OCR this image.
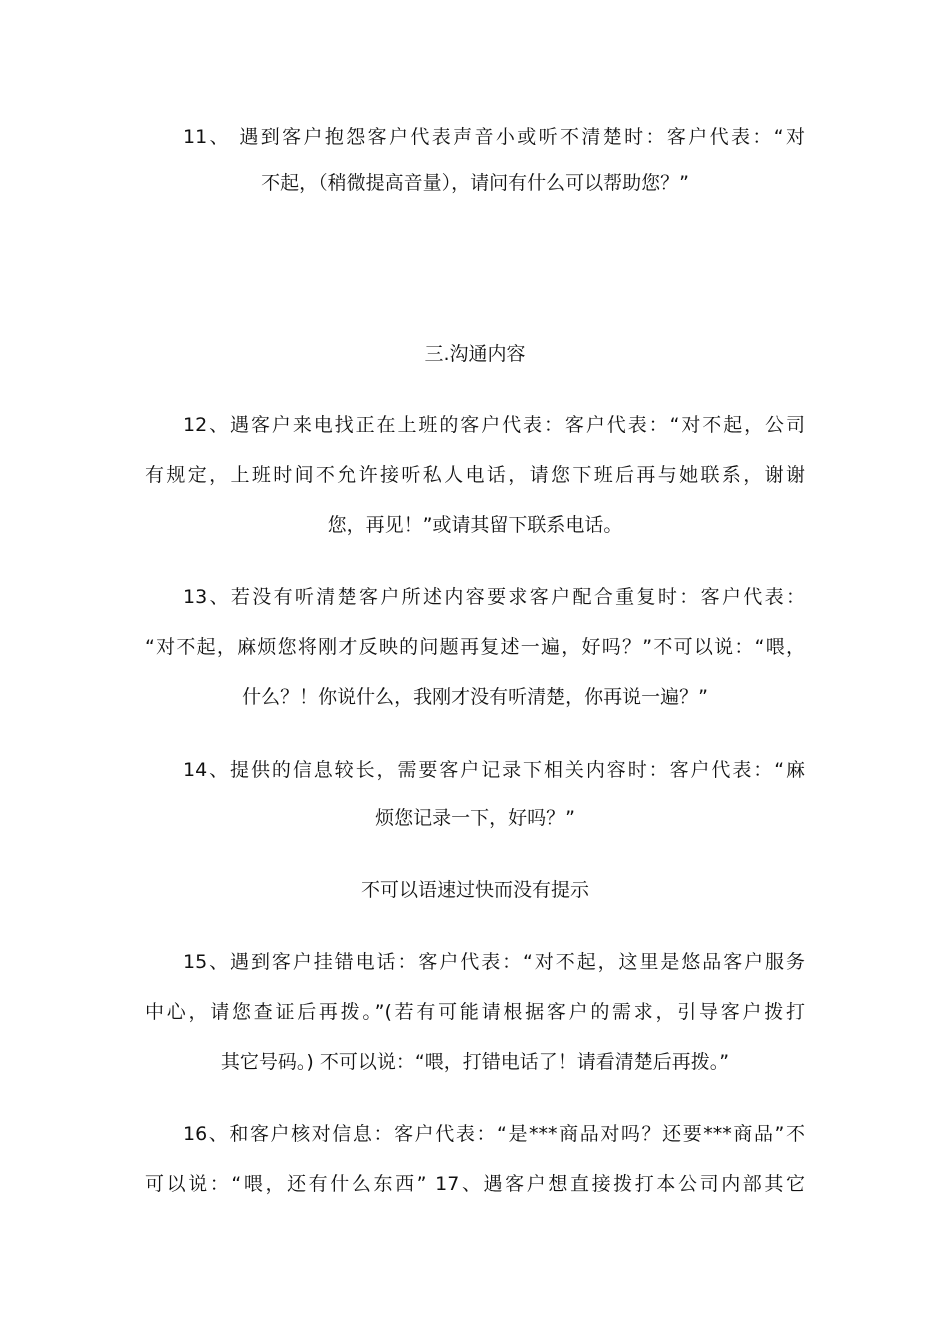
11、 遇到客户抱怨客户代表声音小或听不清楚时：客户代表：“对
不起，（稍微提高音量），请问有什么可以帮助您？”
三.沟通内容
12、遇客户来电找正在上班的客户代表：客户代表：“对不起，公司
有规定，上班时间不允许接听私人电话，请您下班后再与她联系，谢谢
您，再见！”或请其留下联系电话。
13、若没有听清楚客户所述内容要求客户配合重复时：客户代表：
“对不起，麻烦您将刚才反映的问题再复述一遍，好吗？”不可以说：“喂，
什么？！你说什么，我刚才没有听清楚，你再说一遍？”
14、提供的信息较长，需要客户记录下相关内容时：客户代表：“麻
烦您记录一下，好吗？”
不可以语速过快而没有提示
15、遇到客户挂错电话：客户代表：“对不起，这里是悠品客户服务
中心，请您查证后再拨。”(若有可能请根据客户的需求，引导客户拨打
其它号码。) 不可以说：“喂，打错电话了！请看清楚后再拨。”
16、和客户核对信息：客户代表：“是***商品对吗？还要***商品”不
可以说：“喂，还有什么东西” 17、遇客户想直接拨打本公司内部其它
